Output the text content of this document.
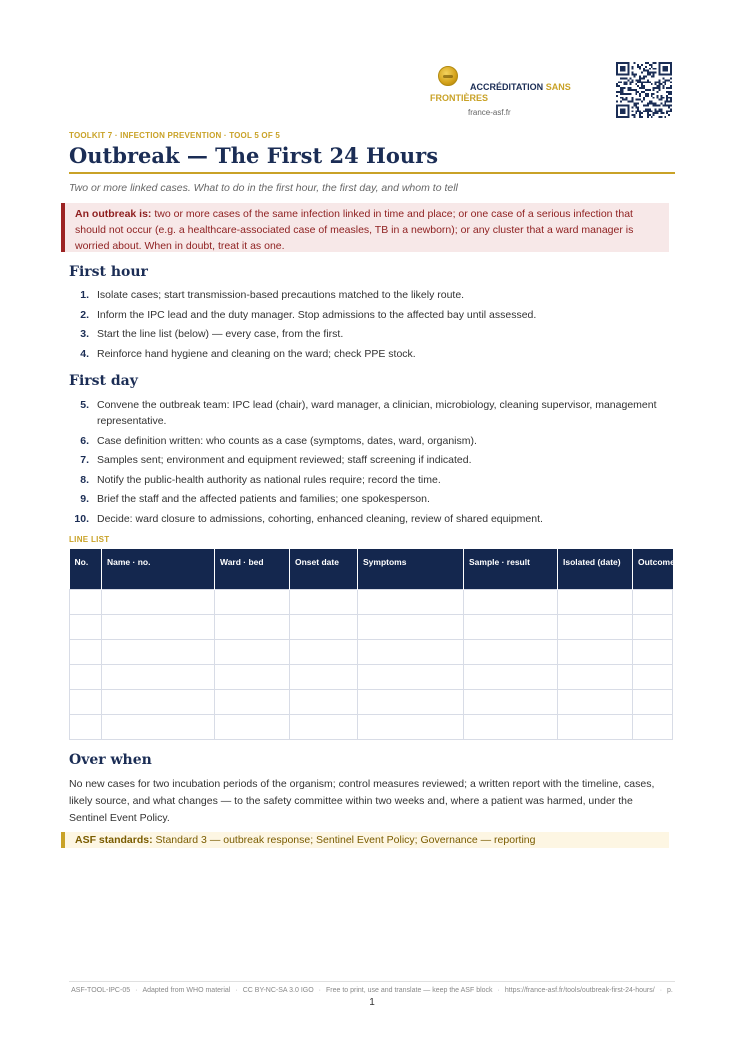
ACCRÉDITATION SANS FRONTIÈRES
france-asf.fr
TOOLKIT 7 · INFECTION PREVENTION · TOOL 5 OF 5
Outbreak — The First 24 Hours
Two or more linked cases. What to do in the first hour, the first day, and whom to tell
An outbreak is: two or more cases of the same infection linked in time and place; or one case of a serious infection that should not occur (e.g. a healthcare-associated case of measles, TB in a newborn); or any cluster that a ward manager is worried about. When in doubt, treat it as one.
First hour
1. Isolate cases; start transmission-based precautions matched to the likely route.
2. Inform the IPC lead and the duty manager. Stop admissions to the affected bay until assessed.
3. Start the line list (below) — every case, from the first.
4. Reinforce hand hygiene and cleaning on the ward; check PPE stock.
First day
5. Convene the outbreak team: IPC lead (chair), ward manager, a clinician, microbiology, cleaning supervisor, management representative.
6. Case definition written: who counts as a case (symptoms, dates, ward, organism).
7. Samples sent; environment and equipment reviewed; staff screening if indicated.
8. Notify the public-health authority as national rules require; record the time.
9. Brief the staff and the affected patients and families; one spokesperson.
10. Decide: ward closure to admissions, cohorting, enhanced cleaning, review of shared equipment.
LINE LIST
No.	Name · no.	Ward · bed	Onset date	Symptoms	Sample · result	Isolated (date)	Outcome

Over when
No new cases for two incubation periods of the organism; control measures reviewed; a written report with the timeline, cases, likely source, and what changes — to the safety committee within two weeks and, where a patient was harmed, under the Sentinel Event Policy.
ASF standards: Standard 3 — outbreak response; Sentinel Event Policy; Governance — reporting
ASF-TOOL-IPC-05 · Adapted from WHO material · CC BY-NC-SA 3.0 IGO · Free to print, use and translate — keep the ASF block · https://france-asf.fr/tools/outbreak-first-24-hours/ · p. 1
